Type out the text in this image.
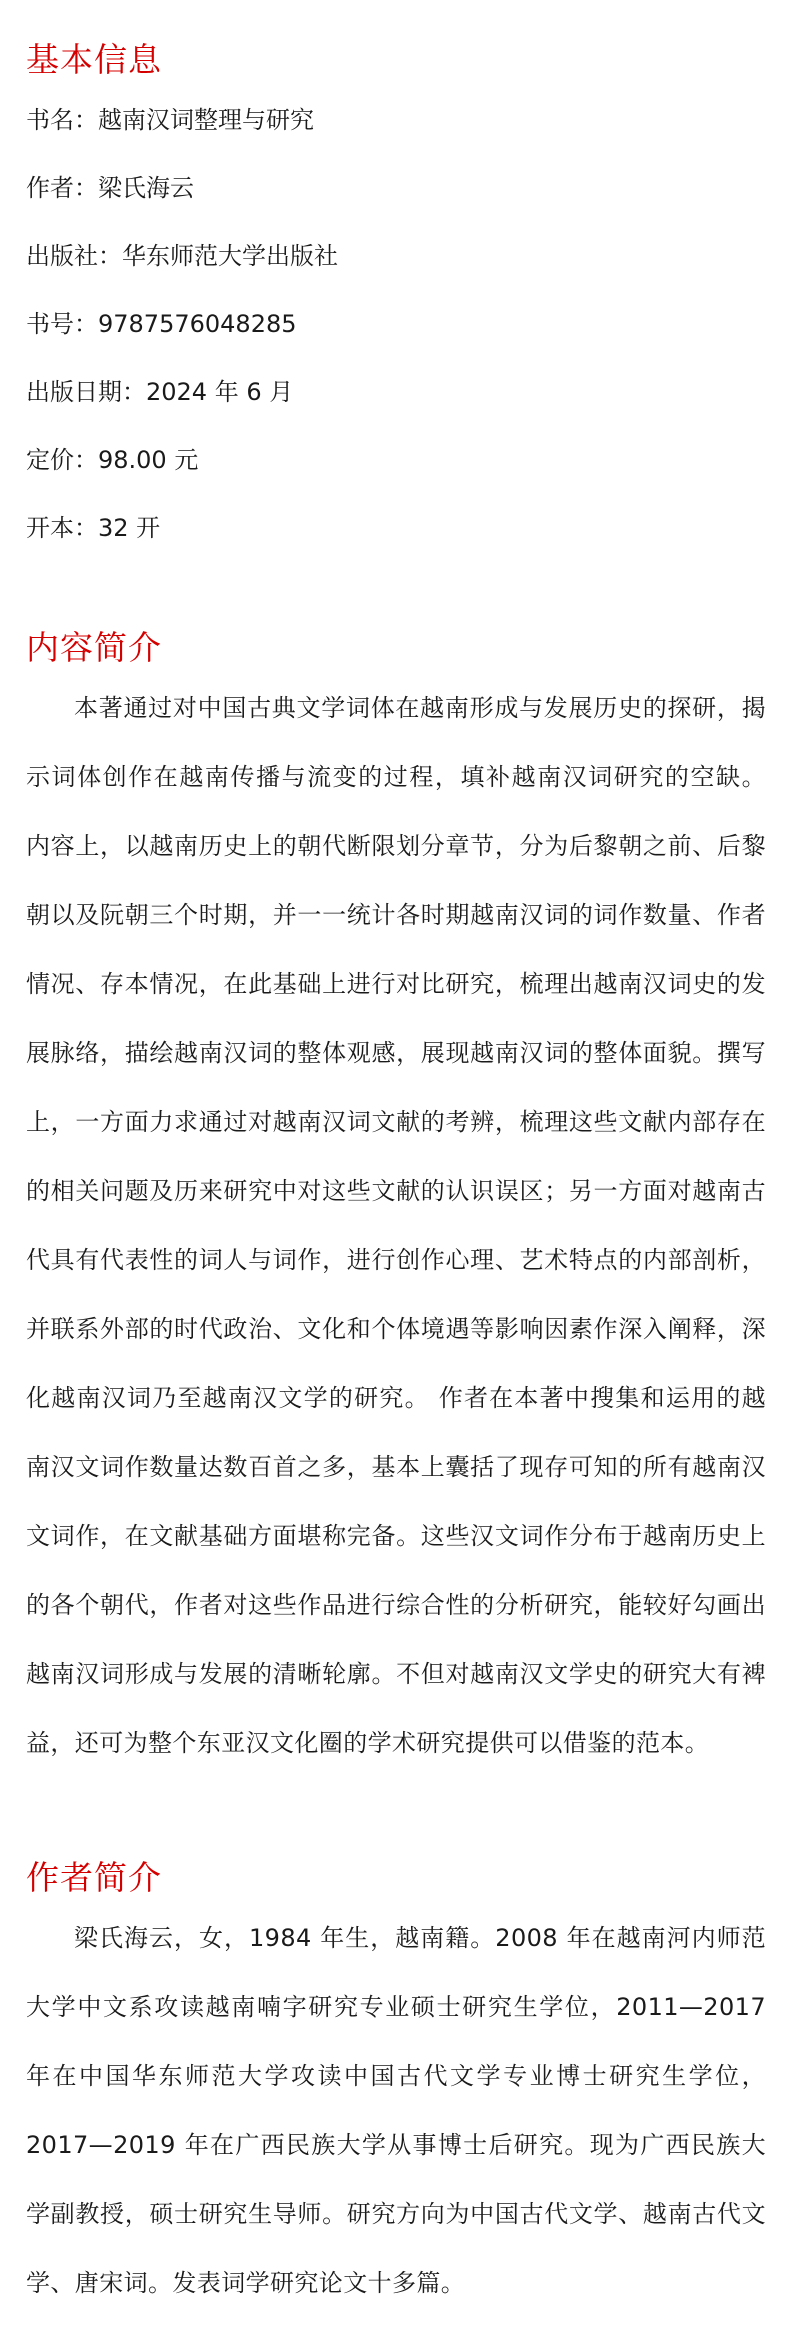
基本信息
书名：越南汉词整理与研究
作者：梁氏海云
出版社：华东师范大学出版社
书号：9787576048285
出版日期：2024 年 6 月
定价：98.00 元
开本：32 开
内容简介

本著通过对中国古典文学词体在越南形成与发展历史的探研，揭示词体创作在越南传播与流变的过程，填补越南汉词研究的空缺。 内容上，以越南历史上的朝代断限划分章节，分为后黎朝之前、后黎朝以及阮朝三个时期，并一一统计各时期越南汉词的词作数量、作者情况、存本情况，在此基础上进行对比研究，梳理出越南汉词史的发展脉络，描绘越南汉词的整体观感，展现越南汉词的整体面貌。撰写上，一方面力求通过对越南汉词文献的考辨，梳理这些文献内部存在的相关问题及历来研究中对这些文献的认识误区；另一方面对越南古代具有代表性的词人与词作，进行创作心理、艺术特点的内部剖析，并联系外部的时代政治、文化和个体境遇等影响因素作深入阐释，深化越南汉词乃至越南汉文学的研究。 作者在本著中搜集和运用的越南汉文词作数量达数百首之多，基本上囊括了现存可知的所有越南汉文词作，在文献基础方面堪称完备。这些汉文词作分布于越南历史上的各个朝代，作者对这些作品进行综合性的分析研究，能较好勾画出越南汉词形成与发展的清晰轮廓。不但对越南汉文学史的研究大有裨益，还可为整个东亚汉文化圈的学术研究提供可以借鉴的范本。

作者简介

梁氏海云，女，1984 年生，越南籍。2008 年在越南河内师范大学中文系攻读越南喃字研究专业硕士研究生学位，2011—2017 年在中国华东师范大学攻读中国古代文学专业博士研究生学位，2017—2019 年在广西民族大学从事博士后研究。现为广西民族大学副教授，硕士研究生导师。研究方向为中国古代文学、越南古代文学、唐宋词。发表词学研究论文十多篇。
